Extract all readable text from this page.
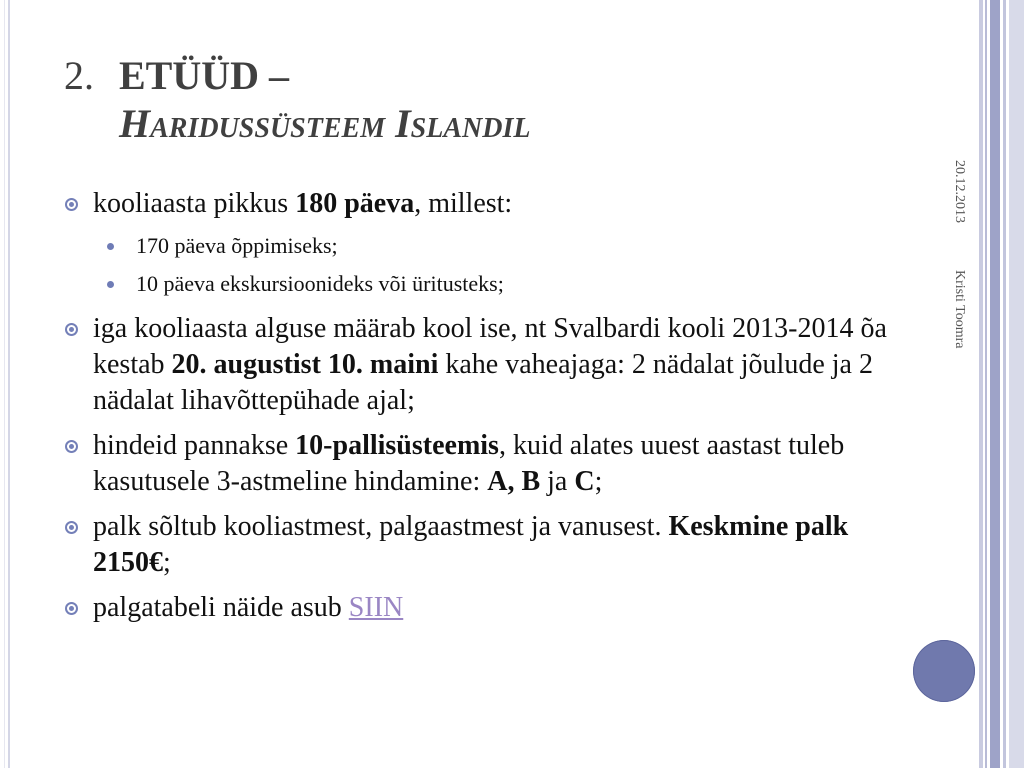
20.12.2013
Kristi Toomra
2. ETÜÜD –
Haridussüsteem Islandil
kooliaasta pikkus 180 päeva, millest:
170 päeva õppimiseks;
10 päeva ekskursioonideks või üritusteks;
iga kooliaasta alguse määrab kool ise, nt Svalbardi kooli 2013-2014 õa kestab 20. augustist 10. maini kahe vaheajaga: 2 nädalat jõulude ja 2 nädalat lihavõttepühade ajal;
hindeid pannakse 10-pallisüsteemis, kuid alates uuest aastast tuleb kasutusele 3-astmeline hindamine: A, B ja C;
palk sõltub kooliastmest, palgaastmest ja vanusest. Keskmine palk 2150€;
palgatabeli näide asub SIIN
